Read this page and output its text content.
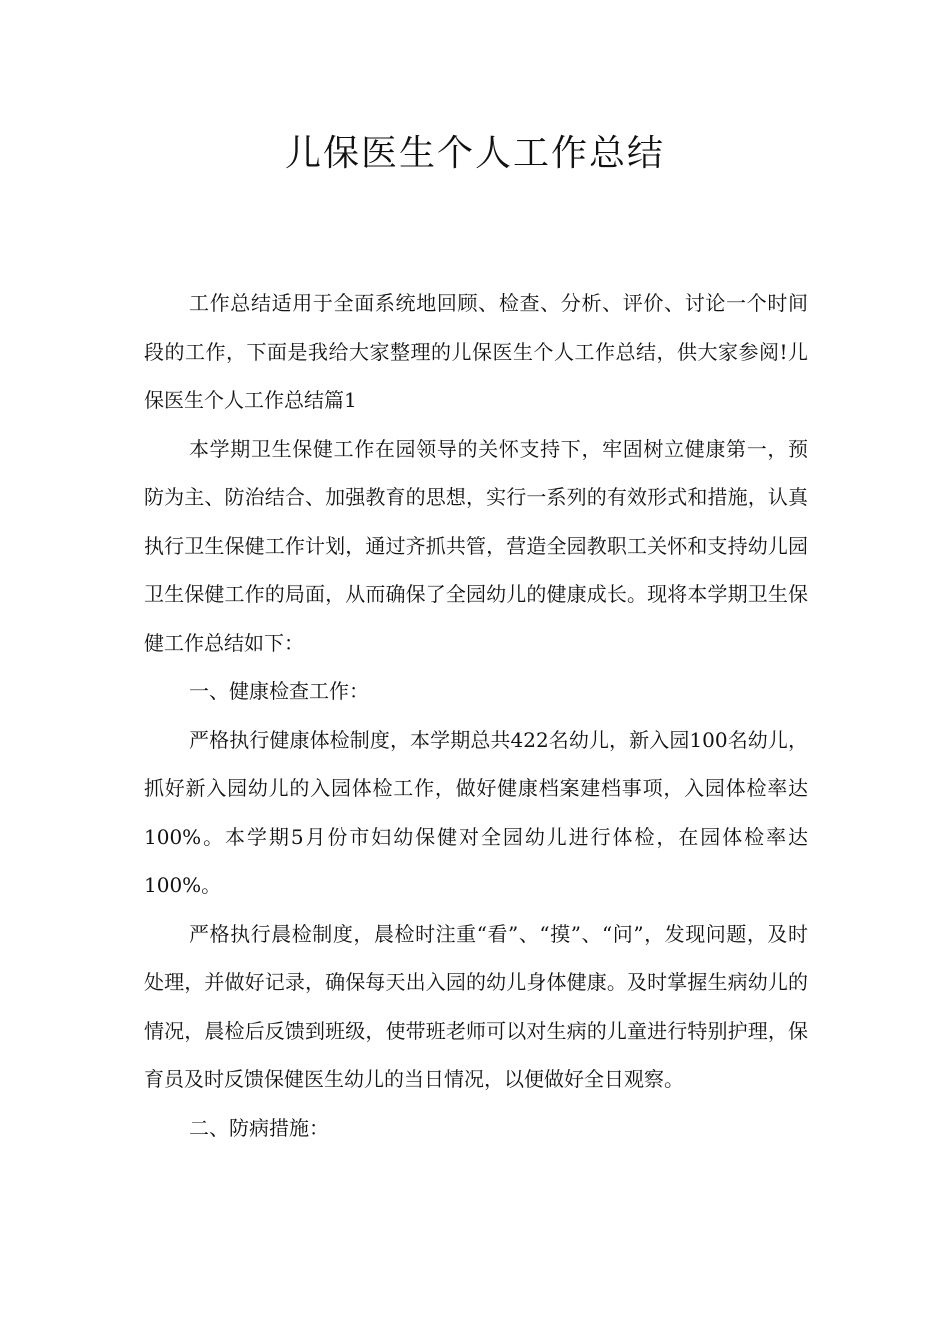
儿保医生个人工作总结

工作总结适用于全面系统地回顾、检查、分析、评价、讨论一个时间段的工作，下面是我给大家整理的儿保医生个人工作总结，供大家参阅!儿保医生个人工作总结篇1

本学期卫生保健工作在园领导的关怀支持下，牢固树立健康第一，预防为主、防治结合、加强教育的思想，实行一系列的有效形式和措施，认真执行卫生保健工作计划，通过齐抓共管，营造全园教职工关怀和支持幼儿园卫生保健工作的局面，从而确保了全园幼儿的健康成长。现将本学期卫生保健工作总结如下：

一、健康检查工作：

严格执行健康体检制度，本学期总共422名幼儿，新入园100名幼儿，抓好新入园幼儿的入园体检工作，做好健康档案建档事项，入园体检率达100%。本学期5月份市妇幼保健对全园幼儿进行体检，在园体检率达100%。

严格执行晨检制度，晨检时注重“看”、“摸”、“问”，发现问题，及时处理，并做好记录，确保每天出入园的幼儿身体健康。及时掌握生病幼儿的情况，晨检后反馈到班级，使带班老师可以对生病的儿童进行特别护理，保育员及时反馈保健医生幼儿的当日情况，以便做好全日观察。

二、防病措施：
